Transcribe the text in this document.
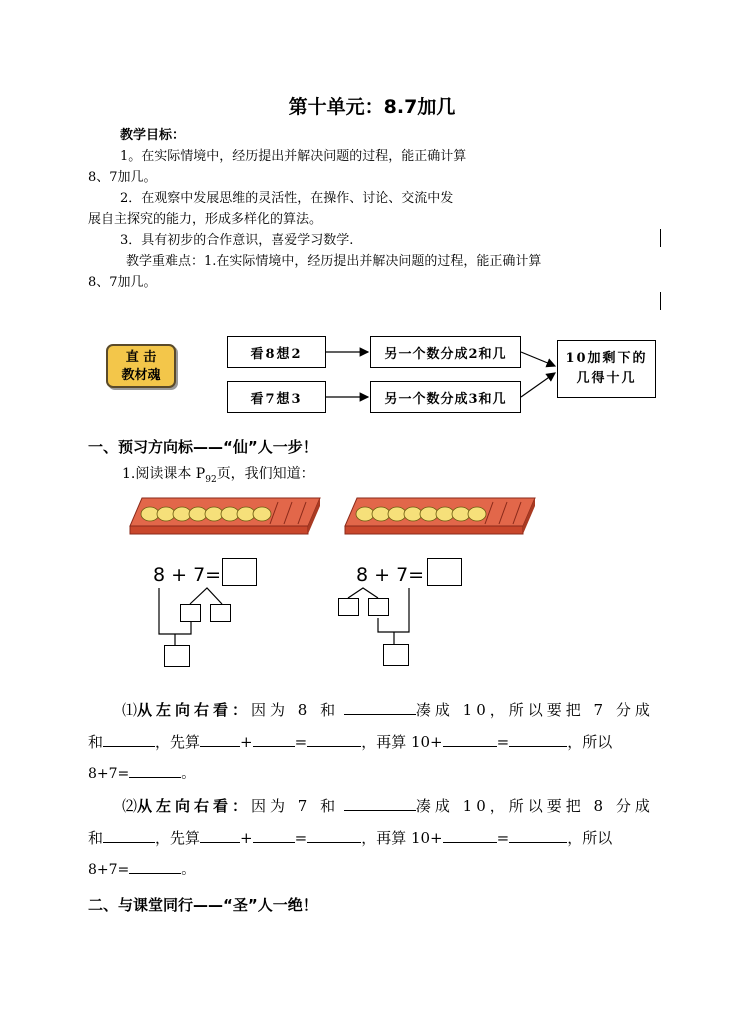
第十单元：8.7加几
教学目标：
1。在实际情境中，经历提出并解决问题的过程，能正确计算
8、7加几。
2．在观察中发展思维的灵活性，在操作、讨论、交流中发
展自主探究的能力，形成多样化的算法。
3．具有初步的合作意识，喜爱学习数学.
教学重难点：1.在实际情境中，经历提出并解决问题的过程，能正确计算
8、7加几。
直 击
教材魂
看8想2
看7想3
另一个数分成2和几
另一个数分成3和几
10加剩下的
几得十几
一、预习方向标——“仙”人一步！
1.阅读课本 $P_{92}$页，我们知道：
8 + 7=	8 + 7=
⑴从左向右看：因为 8 和	凑成 10，所以要把 7 分成
和	，先算	+	=	，再算 10+	=	，所以
8+7=	。
⑵从左向右看：因为 7 和	凑成 10，所以要把 8 分成
和	，先算	+	=	，再算 10+	=	，所以
8+7=	。
二、与课堂同行——“圣”人一绝！
